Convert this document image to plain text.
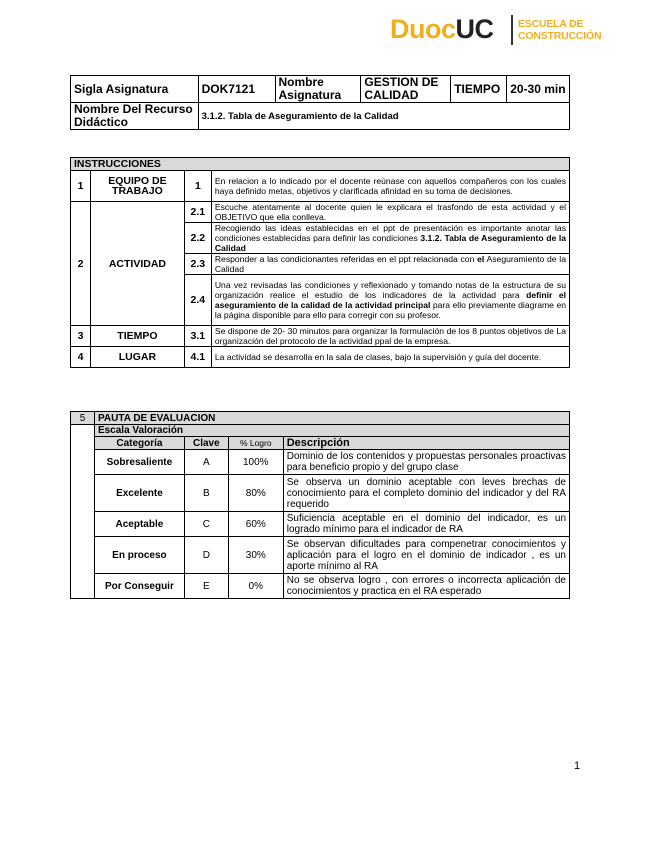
DuocUC ESCUELA DE
CONSTRUCCIÓN
Sigla Asignatura	DOK7121	Nombre Asignatura	GESTION DE CALIDAD	TIEMPO	20-30 min
Nombre Del Recurso Didáctico	3.1.2. Tabla de Aseguramiento de la Calidad				
INSTRUCCIONES			
1	EQUIPO DE TRABAJO	1	En relacion a lo indicado por el docente reúnase con aquellos compañeros con los cuales haya definido metas, objetivos y clarificada afinidad en su toma de decisiones.
2	ACTIVIDAD	2.1	Escuche atentamente al docente quien le explicara el trasfondo de esta actividad y el OBJETIVO que ella conlleva.
		2.2	Recogiendo las ideas establecidas en el ppt de presentación es importante anotar las condiciones establecidas para definir las condiciones 3.1.2. Tabla de Aseguramiento de la Calidad
		2.3	Responder a las condicionantes referidas en el ppt relacionada con el Aseguramiento de la Calidad
		2.4	Una vez revisadas las condiciones y reflexionado y tomando notas de la estructura de su organización realice el estudio de los indicadores de la actividad para definir el aseguramiento de la calidad de la actividad principal para ello previamente diagrame en la página disponible para ello para corregir con su profesor.
3	TIEMPO	3.1	Se dispone de 20- 30 minutos para organizar la formulación de los 8 puntos objetivos de La organización del protocolo de la actividad ppal de la empresa.
4	LUGAR	4.1	La actividad se desarrolla en la sala de clases, bajo la supervisión y guía del docente.
5	PAUTA DE EVALUACION			
	Escala Valoración			
	Categoría	Clave	% Logro	Descripción
	Sobresaliente	A	100%	Dominio de los contenidos y propuestas personales proactivas para beneficio propio y del grupo clase
	Excelente	B	80%	Se observa un dominio aceptable con leves brechas de conocimiento para el completo dominio del indicador y del RA requerido
	Aceptable	C	60%	Suficiencia aceptable en el dominio del indicador, es un logrado mínimo para el indicador de RA
	En proceso	D	30%	Se observan dificultades para compenetrar conocimientos y aplicación para el logro en el dominio de indicador , es un aporte mínimo al RA
	Por Conseguir	E	0%	No se observa logro , con errores o incorrecta aplicación de conocimientos y practica en el RA esperado
1
